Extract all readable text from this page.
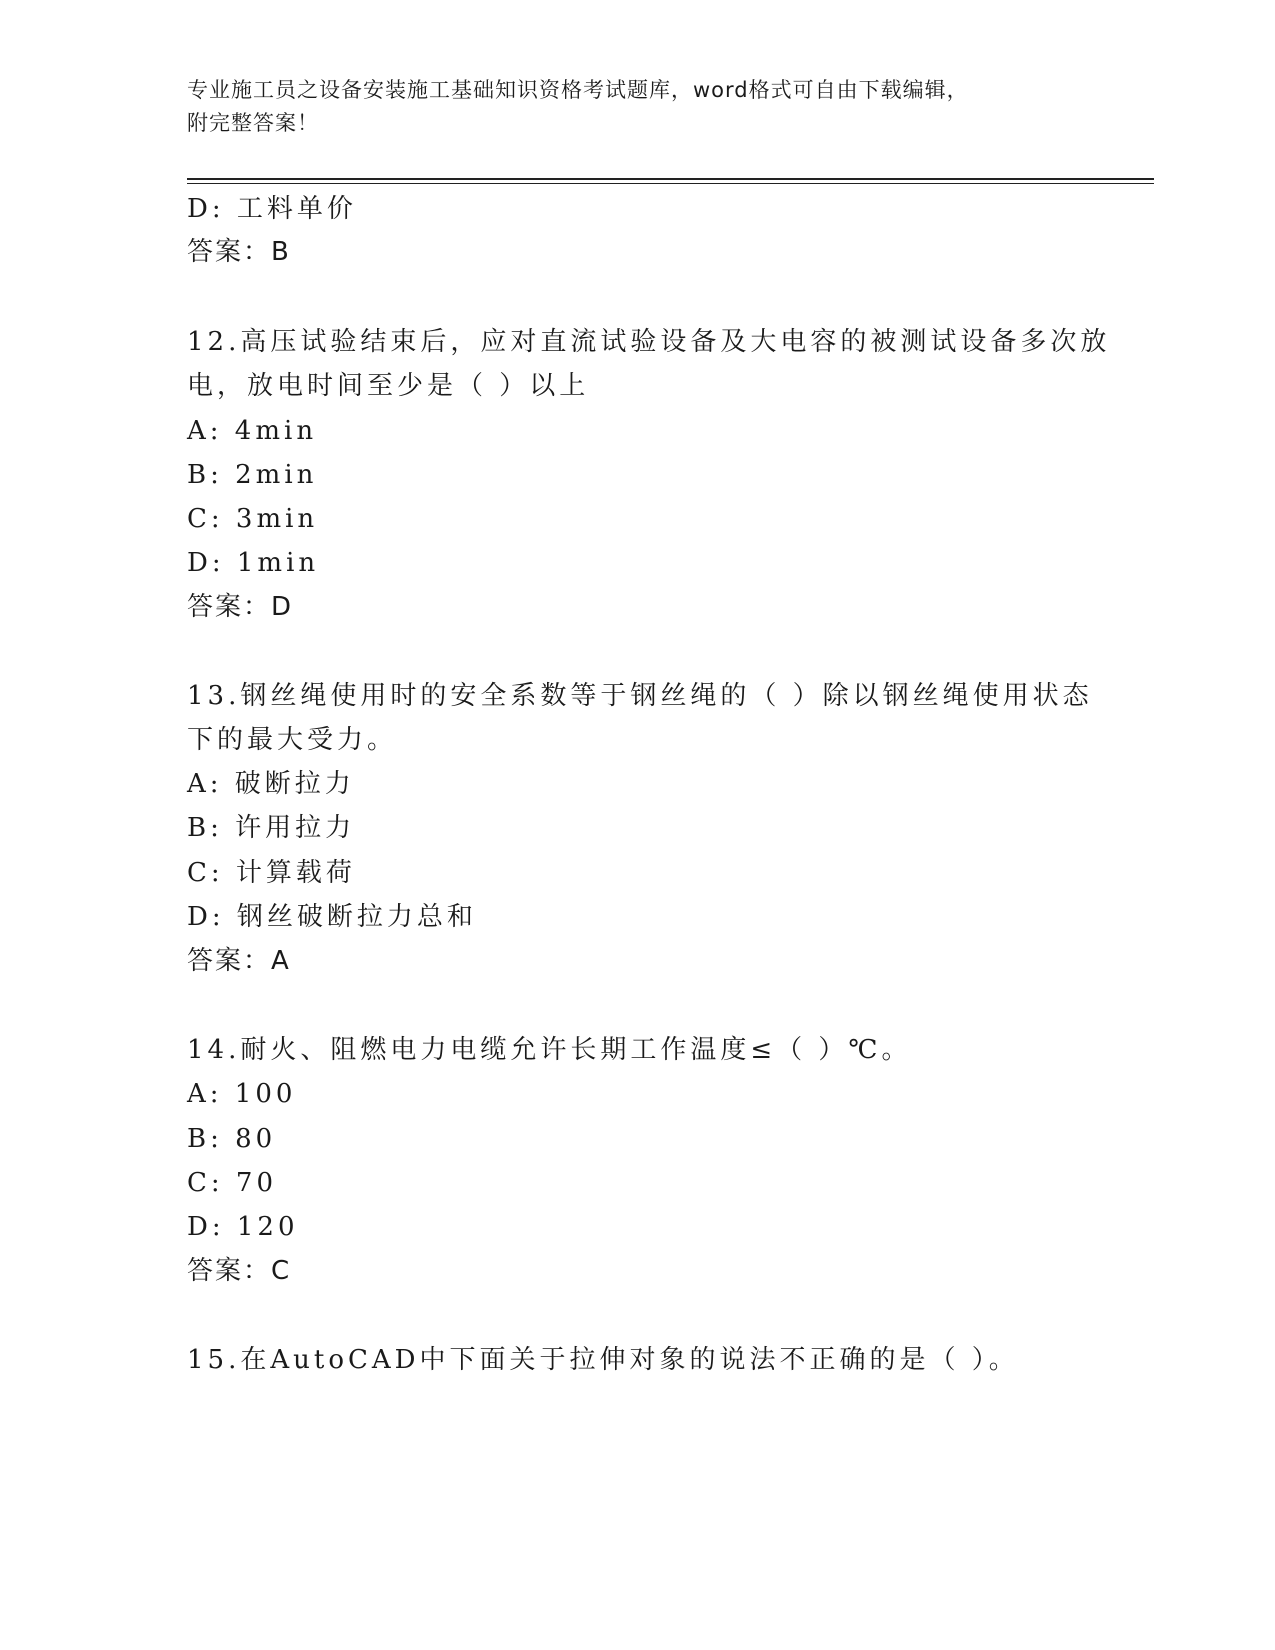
专业施工员之设备安装施工基础知识资格考试题库，word格式可自由下载编辑，
附完整答案！
D: 工料单价
答案：B
12.高压试验结束后，应对直流试验设备及大电容的被测试设备多次放
电，放电时间至少是（ ）以上
A: 4min
B: 2min
C: 3min
D: 1min
答案：D
13.钢丝绳使用时的安全系数等于钢丝绳的（ ）除以钢丝绳使用状态
下的最大受力。
A: 破断拉力
B: 许用拉力
C: 计算载荷
D: 钢丝破断拉力总和
答案：A
14.耐火、阻燃电力电缆允许长期工作温度≤（ ）℃。
A: 100
B: 80
C: 70
D: 120
答案：C
15.在AutoCAD中下面关于拉伸对象的说法不正确的是（ ）。
